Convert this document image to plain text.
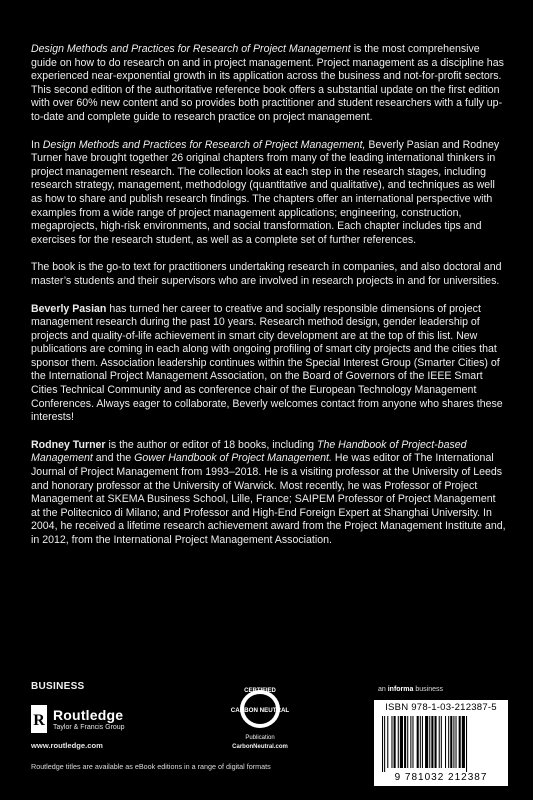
Design Methods and Practices for Research of Project Management is the most comprehensive guide on how to do research on and in project management. Project management as a discipline has experienced near-exponential growth in its application across the business and not-for-profit sectors. This second edition of the authoritative reference book offers a substantial update on the first edition with over 60% new content and so provides both practitioner and student researchers with a fully up-to-date and complete guide to research practice on project management.

In Design Methods and Practices for Research of Project Management, Beverly Pasian and Rodney Turner have brought together 26 original chapters from many of the leading international thinkers in project management research. The collection looks at each step in the research stages, including research strategy, management, methodology (quantitative and qualitative), and techniques as well as how to share and publish research findings. The chapters offer an international perspective with examples from a wide range of project management applications; engineering, construction, megaprojects, high-risk environments, and social transformation. Each chapter includes tips and exercises for the research student, as well as a complete set of further references.

The book is the go-to text for practitioners undertaking research in companies, and also doctoral and master’s students and their supervisors who are involved in research projects in and for universities.

Beverly Pasian has turned her career to creative and socially responsible dimensions of project management research during the past 10 years. Research method design, gender leadership of projects and quality-of-life achievement in smart city development are at the top of this list. New publications are coming in each along with ongoing profiling of smart city projects and the cities that sponsor them. Association leadership continues within the Special Interest Group (Smarter Cities) of the International Project Management Association, on the Board of Governors of the IEEE Smart Cities Technical Community and as conference chair of the European Technology Management Conferences. Always eager to collaborate, Beverly welcomes contact from anyone who shares these interests!

Rodney Turner is the author or editor of 18 books, including The Handbook of Project-based Management and the Gower Handbook of Project Management. He was editor of The International Journal of Project Management from 1993–2018. He is a visiting professor at the University of Leeds and honorary professor at the University of Warwick. Most recently, he was Professor of Project Management at SKEMA Business School, Lille, France; SAIPEM Professor of Project Management at the Politecnico di Milano; and Professor and High-End Foreign Expert at Shanghai University. In 2004, he received a lifetime research achievement award from the Project Management Institute and, in 2012, from the International Project Management Association.

BUSINESS
R Routledge
Taylor & Francis Group
www.routledge.com
CERTIFIED
CARBON NEUTRAL
Publication
CarbonNeutral.com
an informa business
ISBN 978-1-03-212387-5
9 781032 212387
Routledge titles are available as eBook editions in a range of digital formats
